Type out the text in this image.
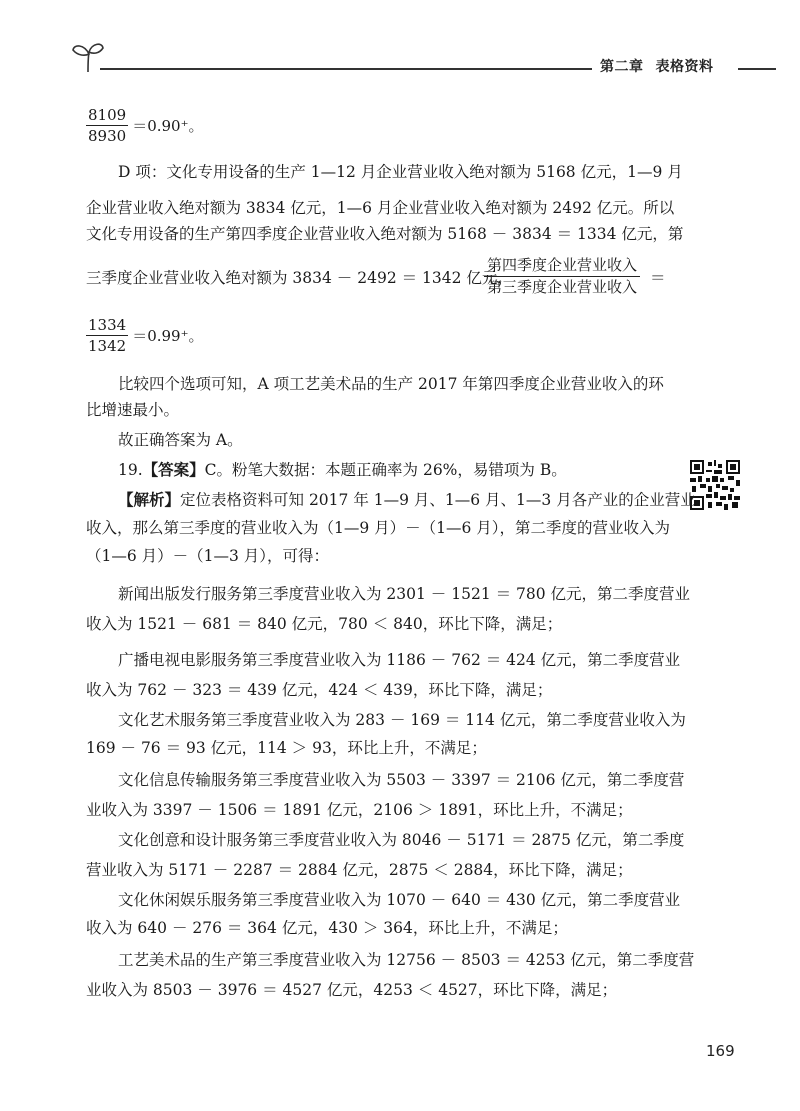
第二章 表格资料
$\frac{8109}{8930} =0.90^+$。
D 项：文化专用设备的生产 1—12 月企业营业收入绝对额为 5168 亿元，1—9 月
企业营业收入绝对额为 3834 亿元，1—6 月企业营业收入绝对额为 2492 亿元。所以
文化专用设备的生产第四季度企业营业收入绝对额为 5168 － 3834 ＝ 1334 亿元，第
三季度企业营业收入绝对额为 3834 － 2492 ＝ 1342 亿元，
第四季度企业营业收入
第三季度企业营业收入 ＝
$\frac{1334}{1342} =0.99^+$。
比较四个选项可知，A 项工艺美术品的生产 2017 年第四季度企业营业收入的环
比增速最小。
故正确答案为 A。
19.【答案】C。粉笔大数据：本题正确率为 26%，易错项为 B。
【解析】定位表格资料可知 2017 年 1—9 月、1—6 月、1—3 月各产业的企业营业
收入，那么第三季度的营业收入为（1—9 月）－（1—6 月），第二季度的营业收入为
（1—6 月）－（1—3 月），可得：
新闻出版发行服务第三季度营业收入为 2301 － 1521 ＝ 780 亿元，第二季度营业
收入为 1521 － 681 ＝ 840 亿元，780 ＜ 840，环比下降，满足；
广播电视电影服务第三季度营业收入为 1186 － 762 ＝ 424 亿元，第二季度营业
收入为 762 － 323 ＝ 439 亿元，424 ＜ 439，环比下降，满足；
文化艺术服务第三季度营业收入为 283 － 169 ＝ 114 亿元，第二季度营业收入为
169 － 76 ＝ 93 亿元，114 ＞ 93，环比上升，不满足；
文化信息传输服务第三季度营业收入为 5503 － 3397 ＝ 2106 亿元，第二季度营
业收入为 3397 － 1506 ＝ 1891 亿元，2106 ＞ 1891，环比上升，不满足；
文化创意和设计服务第三季度营业收入为 8046 － 5171 ＝ 2875 亿元，第二季度
营业收入为 5171 － 2287 ＝ 2884 亿元，2875 ＜ 2884，环比下降，满足；
文化休闲娱乐服务第三季度营业收入为 1070 － 640 ＝ 430 亿元，第二季度营业
收入为 640 － 276 ＝ 364 亿元，430 ＞ 364，环比上升，不满足；
工艺美术品的生产第三季度营业收入为 12756 － 8503 ＝ 4253 亿元，第二季度营
业收入为 8503 － 3976 ＝ 4527 亿元，4253 ＜ 4527，环比下降，满足；
169
